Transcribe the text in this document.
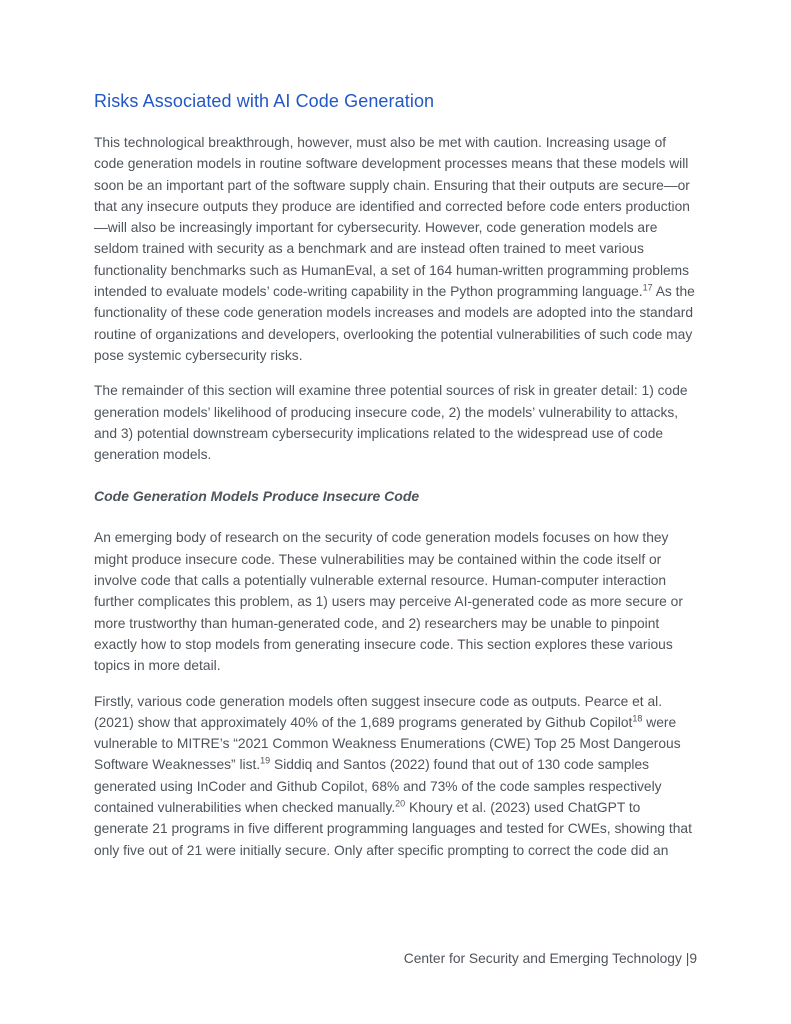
Risks Associated with AI Code Generation

This technological breakthrough, however, must also be met with caution. Increasing usage of code generation models in routine software development processes means that these models will soon be an important part of the software supply chain. Ensuring that their outputs are secure—or that any insecure outputs they produce are identified and corrected before code enters production—will also be increasingly important for cybersecurity. However, code generation models are seldom trained with security as a benchmark and are instead often trained to meet various functionality benchmarks such as HumanEval, a set of 164 human-written programming problems intended to evaluate models’ code-writing capability in the Python programming language.$^{17}$ As the functionality of these code generation models increases and models are adopted into the standard routine of organizations and developers, overlooking the potential vulnerabilities of such code may pose systemic cybersecurity risks.

The remainder of this section will examine three potential sources of risk in greater detail: 1) code generation models’ likelihood of producing insecure code, 2) the models’ vulnerability to attacks, and 3) potential downstream cybersecurity implications related to the widespread use of code generation models.

Code Generation Models Produce Insecure Code

An emerging body of research on the security of code generation models focuses on how they might produce insecure code. These vulnerabilities may be contained within the code itself or involve code that calls a potentially vulnerable external resource. Human-computer interaction further complicates this problem, as 1) users may perceive AI-generated code as more secure or more trustworthy than human-generated code, and 2) researchers may be unable to pinpoint exactly how to stop models from generating insecure code. This section explores these various topics in more detail.

Firstly, various code generation models often suggest insecure code as outputs. Pearce et al. (2021) show that approximately 40% of the 1,689 programs generated by Github Copilot$^{18}$ were vulnerable to MITRE’s “2021 Common Weakness Enumerations (CWE) Top 25 Most Dangerous Software Weaknesses” list.$^{19}$ Siddiq and Santos (2022) found that out of 130 code samples generated using InCoder and Github Copilot, 68% and 73% of the code samples respectively contained vulnerabilities when checked manually.$^{20}$ Khoury et al. (2023) used ChatGPT to generate 21 programs in five different programming languages and tested for CWEs, showing that only five out of 21 were initially secure. Only after specific prompting to correct the code did an

Center for Security and Emerging Technology |9
